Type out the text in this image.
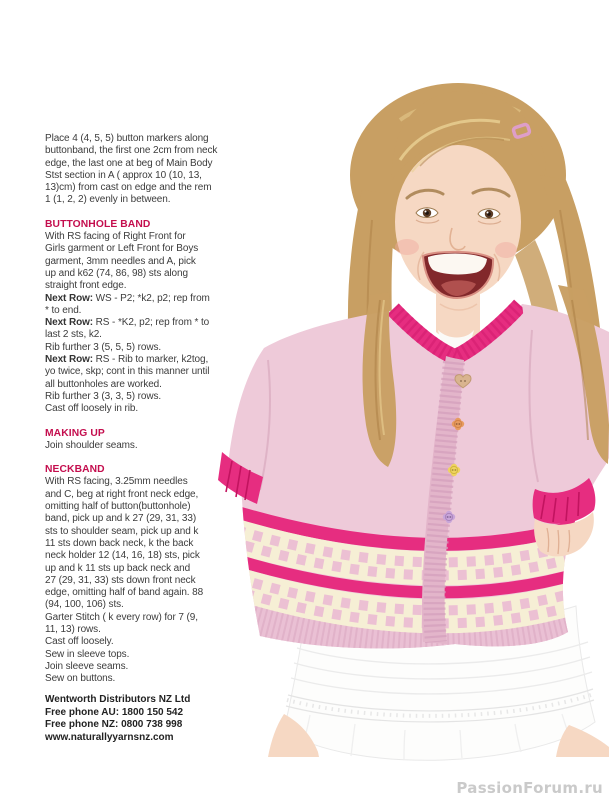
Place 4 (4, 5, 5) button markers along
buttonband, the first one 2cm from neck
edge, the last one at beg of Main Body
Stst section in A ( approx 10 (10, 13,
13)cm) from cast on edge and the rem
1 (1, 2, 2) evenly in between.
BUTTONHOLE BAND
With RS facing of Right Front for
Girls garment or Left Front for Boys
garment, 3mm needles and A, pick
up and k62 (74, 86, 98) sts along
straight front edge.
Next Row: WS - P2; *k2, p2; rep from
* to end.
Next Row: RS - *K2, p2; rep from * to
last 2 sts, k2.
Rib further 3 (5, 5, 5) rows.
Next Row: RS - Rib to marker, k2tog,
yo twice, skp; cont in this manner until
all buttonholes are worked.
Rib further 3 (3, 3, 5) rows.
Cast off loosely in rib.
MAKING UP
Join shoulder seams.
NECKBAND
With RS facing, 3.25mm needles
and C, beg at right front neck edge,
omitting half of button(buttonhole)
band, pick up and k 27 (29, 31, 33)
sts to shoulder seam, pick up and k
11 sts down back neck, k the back
neck holder 12 (14, 16, 18) sts, pick
up and k 11 sts up back neck and
27 (29, 31, 33) sts down front neck
edge, omitting half of band again. 88
(94, 100, 106) sts.
Garter Stitch ( k every row) for 7 (9,
11, 13) rows.
Cast off loosely.
Sew in sleeve tops.
Join sleeve seams.
Sew on buttons.
Wentworth Distributors NZ Ltd
Free phone AU: 1800 150 542
Free phone NZ: 0800 738 998
www.naturallyyarnsnz.com
PassionForum.ru
